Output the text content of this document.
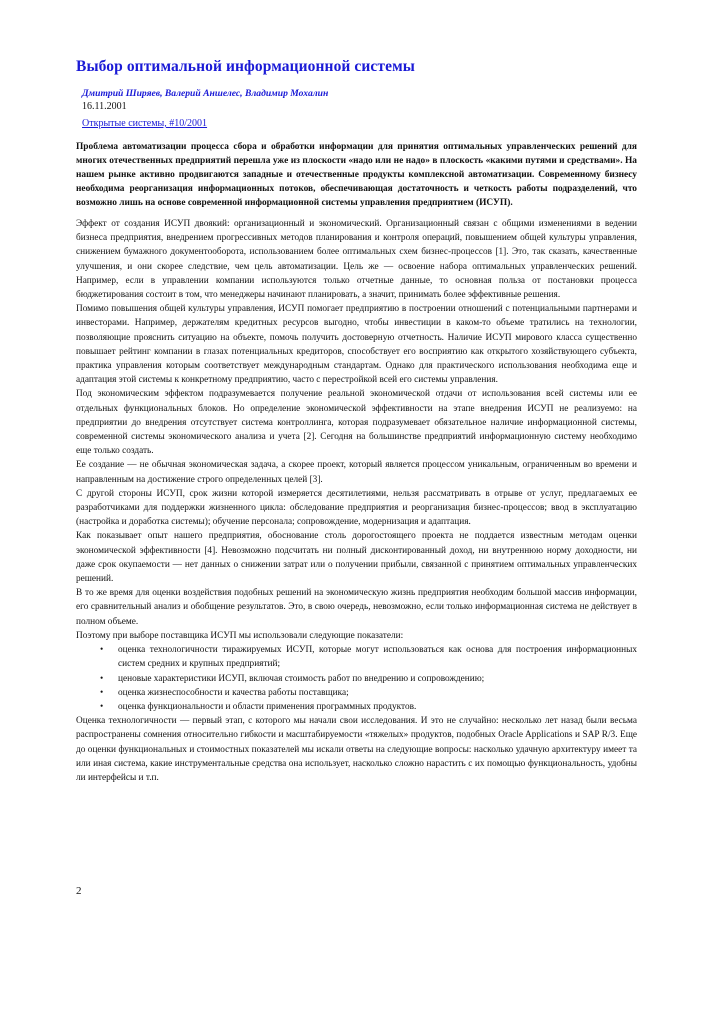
Выбор оптимальной информационной системы
Дмитрий Ширяев, Валерий Аншелес, Владимир Мохалин
16.11.2001
Открытые системы, #10/2001
Проблема автоматизации процесса сбора и обработки информации для принятия оптимальных управленческих решений для многих отечественных предприятий перешла уже из плоскости «надо или не надо» в плоскость «какими путями и средствами». На нашем рынке активно продвигаются западные и отечественные продукты комплексной автоматизации. Современному бизнесу необходима реорганизация информационных потоков, обеспечивающая достаточность и четкость работы подразделений, что возможно лишь на основе современной информационной системы управления предприятием (ИСУП).

Эффект от создания ИСУП двоякий: организационный и экономический. Организационный связан с общими изменениями в ведении бизнеса предприятия, внедрением прогрессивных методов планирования и контроля операций, повышением общей культуры управления, снижением бумажного документооборота, использованием более оптимальных схем бизнес-процессов [1]. Это, так сказать, качественные улучшения, и они скорее следствие, чем цель автоматизации. Цель же — освоение набора оптимальных управленческих решений. Например, если в управлении компании используются только отчетные данные, то основная польза от постановки процесса бюджетирования состоит в том, что менеджеры начинают планировать, а значит, принимать более эффективные решения.

Помимо повышения общей культуры управления, ИСУП помогает предприятию в построении отношений с потенциальными партнерами и инвесторами. Например, держателям кредитных ресурсов выгодно, чтобы инвестиции в каком-то объеме тратились на технологии, позволяющие прояснить ситуацию на объекте, помочь получить достоверную отчетность. Наличие ИСУП мирового класса существенно повышает рейтинг компании в глазах потенциальных кредиторов, способствует его восприятию как открытого хозяйствующего субъекта, практика управления которым соответствует международным стандартам. Однако для практического использования необходима еще и адаптация этой системы к конкретному предприятию, часто с перестройкой всей его системы управления.

Под экономическим эффектом подразумевается получение реальной экономической отдачи от использования всей системы или ее отдельных функциональных блоков. Но определение экономической эффективности на этапе внедрения ИСУП не реализуемо: на предприятии до внедрения отсутствует система контроллинга, которая подразумевает обязательное наличие информационной системы, современной системы экономического анализа и учета [2]. Сегодня на большинстве предприятий информационную систему необходимо еще только создать.

Ее создание — не обычная экономическая задача, а скорее проект, который является процессом уникальным, ограниченным во времени и направленным на достижение строго определенных целей [3].

С другой стороны ИСУП, срок жизни которой измеряется десятилетиями, нельзя рассматривать в отрыве от услуг, предлагаемых ее разработчиками для поддержки жизненного цикла: обследование предприятия и реорганизация бизнес-процессов; ввод в эксплуатацию (настройка и доработка системы); обучение персонала; сопровождение, модернизация и адаптация.

Как показывает опыт нашего предприятия, обоснование столь дорогостоящего проекта не поддается известным методам оценки экономической эффективности [4]. Невозможно подсчитать ни полный дисконтированный доход, ни внутреннюю норму доходности, ни даже срок окупаемости — нет данных о снижении затрат или о получении прибыли, связанной с принятием оптимальных управленческих решений.

В то же время для оценки воздействия подобных решений на экономическую жизнь предприятия необходим большой массив информации, его сравнительный анализ и обобщение результатов. Это, в свою очередь, невозможно, если только информационная система не действует в полном объеме.

Поэтому при выборе поставщика ИСУП мы использовали следующие показатели:

• оценка технологичности тиражируемых ИСУП, которые могут использоваться как основа для построения информационных систем средних и крупных предприятий;
• ценовые характеристики ИСУП, включая стоимость работ по внедрению и сопровождению;
• оценка жизнеспособности и качества работы поставщика;
• оценка функциональности и области применения программных продуктов.

Оценка технологичности — первый этап, с которого мы начали свои исследования. И это не случайно: несколько лет назад были весьма распространены сомнения относительно гибкости и масштабируемости «тяжелых» продуктов, подобных Oracle Applications и SAP R/3. Еще до оценки функциональных и стоимостных показателей мы искали ответы на следующие вопросы: насколько удачную архитектуру имеет та или иная система, какие инструментальные средства она использует, насколько сложно нарастить с их помощью функциональность, удобны ли интерфейсы и т.п.

2
